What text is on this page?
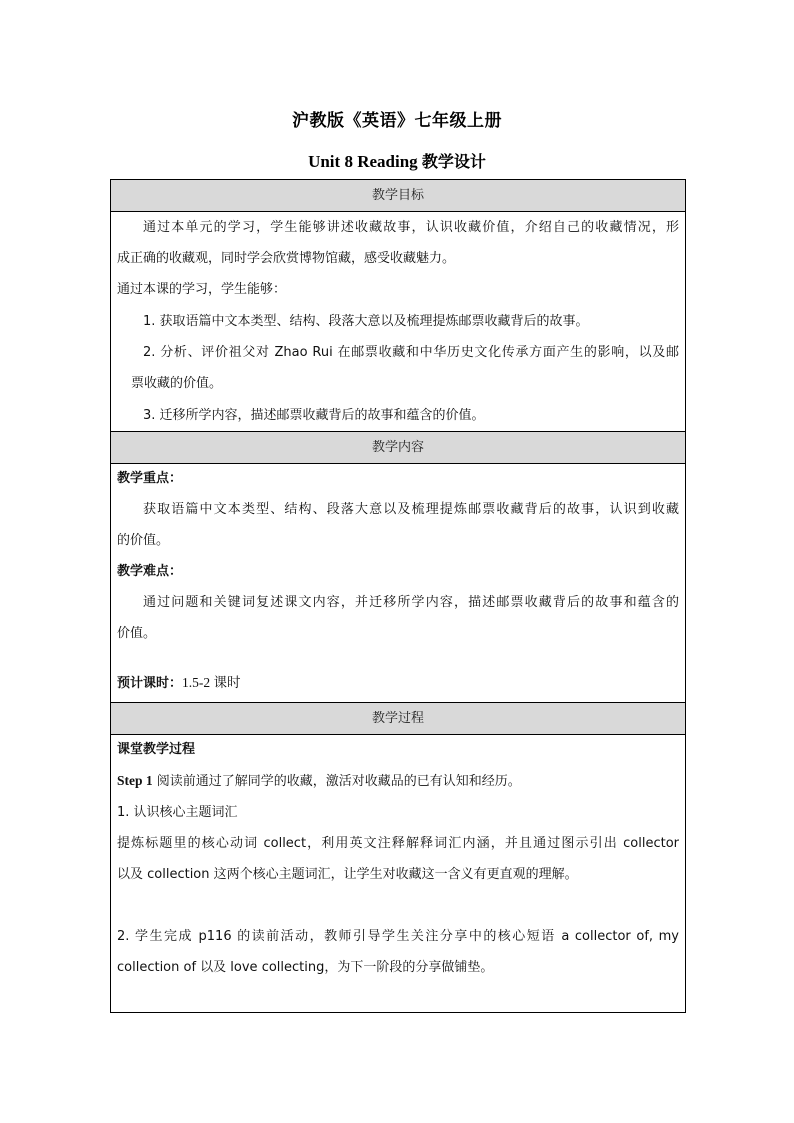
沪教版《英语》七年级上册
Unit 8 Reading 教学设计
教学目标
通过本单元的学习，学生能够讲述收藏故事，认识收藏价值，介绍自己的收藏情况，形
成正确的收藏观，同时学会欣赏博物馆藏，感受收藏魅力。
通过本课的学习，学生能够：
1. 获取语篇中文本类型、结构、段落大意以及梳理提炼邮票收藏背后的故事。
2. 分析、评价祖父对 Zhao Rui 在邮票收藏和中华历史文化传承方面产生的影响，以及邮
票收藏的价值。
3. 迁移所学内容，描述邮票收藏背后的故事和蕴含的价值。
教学内容
教学重点：
获取语篇中文本类型、结构、段落大意以及梳理提炼邮票收藏背后的故事，认识到收藏
的价值。
教学难点：
通过问题和关键词复述课文内容，并迁移所学内容，描述邮票收藏背后的故事和蕴含的
价值。
预计课时：1.5-2 课时
教学过程
课堂教学过程
Step 1 阅读前通过了解同学的收藏，激活对收藏品的已有认知和经历。
1. 认识核心主题词汇
提炼标题里的核心动词 collect，利用英文注释解释词汇内涵，并且通过图示引出 collector
以及 collection 这两个核心主题词汇，让学生对收藏这一含义有更直观的理解。
2. 学生完成 p116 的读前活动，教师引导学生关注分享中的核心短语 a collector of, my
collection of 以及 love collecting，为下一阶段的分享做铺垫。
